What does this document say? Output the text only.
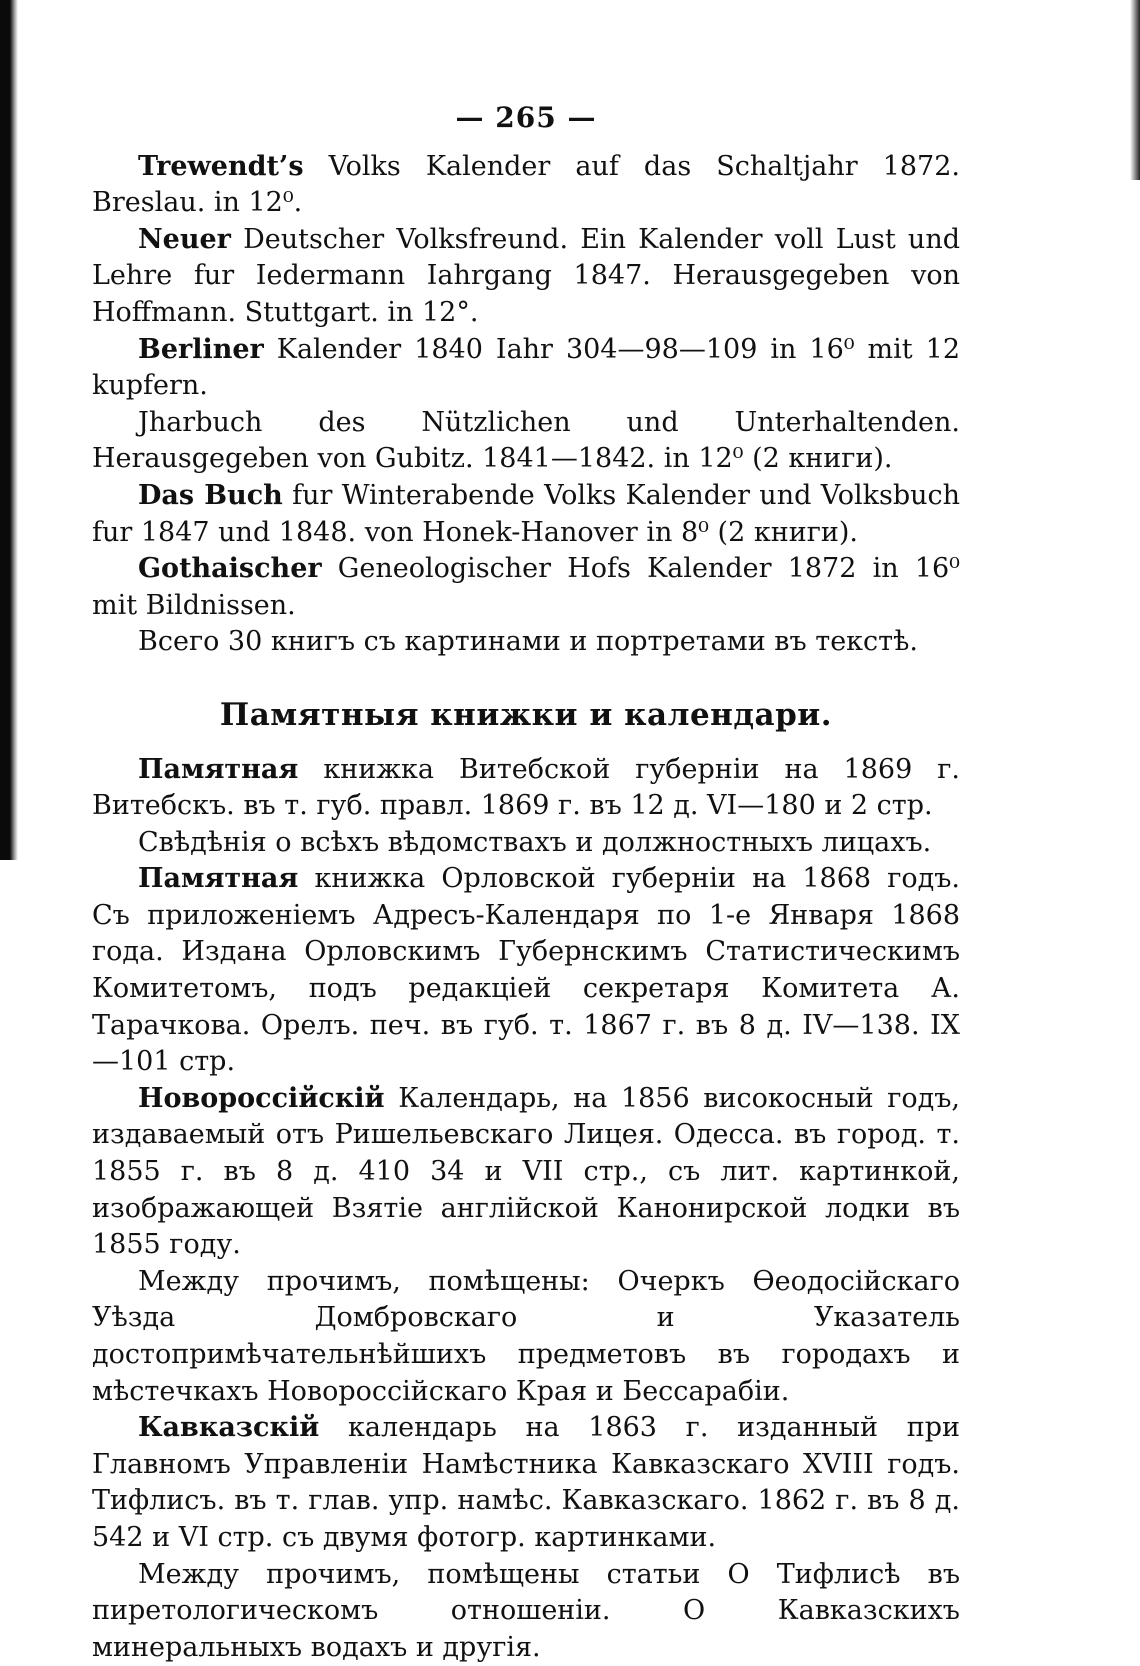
— 265 —

Trewendt’s Volks Kalender auf das Schaltjahr 1872. Breslau. in 12⁰.

Neuer Deutscher Volksfreund. Ein Kalender voll Lust und Lehre fur Iedermann Iahrgang 1847. Herausgegeben von Hoffmann. Stuttgart. in 12°.

Berliner Kalender 1840 Iahr 304—98—109 in 16⁰ mit 12 kupfern.

Jharbuch des Nützlichen und Unterhaltenden. Herausgegeben von Gubitz. 1841—1842. in 12⁰ (2 книги).

Das Buch fur Winterabende Volks Kalender und Volksbuch fur 1847 und 1848. von Honek-Hanover in 8⁰ (2 книги).

Gothaischer Geneologischer Hofs Kalender 1872 in 16⁰ mit Bildnissen.

Всего 30 книгъ съ картинами и портретами въ текстѣ.

Памятныя книжки и календари.

Памятная книжка Витебской губерніи на 1869 г. Витебскъ. въ т. губ. правл. 1869 г. въ 12 д. VI—180 и 2 стр.

Свѣдѣнія о всѣхъ вѣдомствахъ и должностныхъ лицахъ.

Памятная книжка Орловской губерніи на 1868 годъ. Съ приложеніемъ Адресъ-Календаря по 1-е Января 1868 года. Издана Орловскимъ Губернскимъ Статистическимъ Комитетомъ, подъ редакціей секретаря Комитета А. Тарачкова. Орелъ. печ. въ губ. т. 1867 г. въ 8 д. IV—138. IX—101 стр.

Новороссійскій Календарь, на 1856 високосный годъ, издаваемый отъ Ришельевскаго Лицея. Одесса. въ город. т. 1855 г. въ 8 д. 410 34 и VII стр., съ лит. картинкой, изображающей Взятіе англійской Канонирской лодки въ 1855 году.

Между прочимъ, помѣщены: Очеркъ Ѳеодосійскаго Уѣзда Домбровскаго и Указатель достопримѣчательнѣйшихъ предметовъ въ городахъ и мѣстечкахъ Новороссійскаго Края и Бессарабіи.

Кавказскій календарь на 1863 г. изданный при Главномъ Управленіи Намѣстника Кавказскаго XVIII годъ. Тифлисъ. въ т. глав. упр. намѣс. Кавказскаго. 1862 г. въ 8 д. 542 и VI стр. съ двумя фотогр. картинками.

Между прочимъ, помѣщены статьи О Тифлисѣ въ пиретологическомъ отношеніи. О Кавказскихъ минеральныхъ водахъ и другія.
